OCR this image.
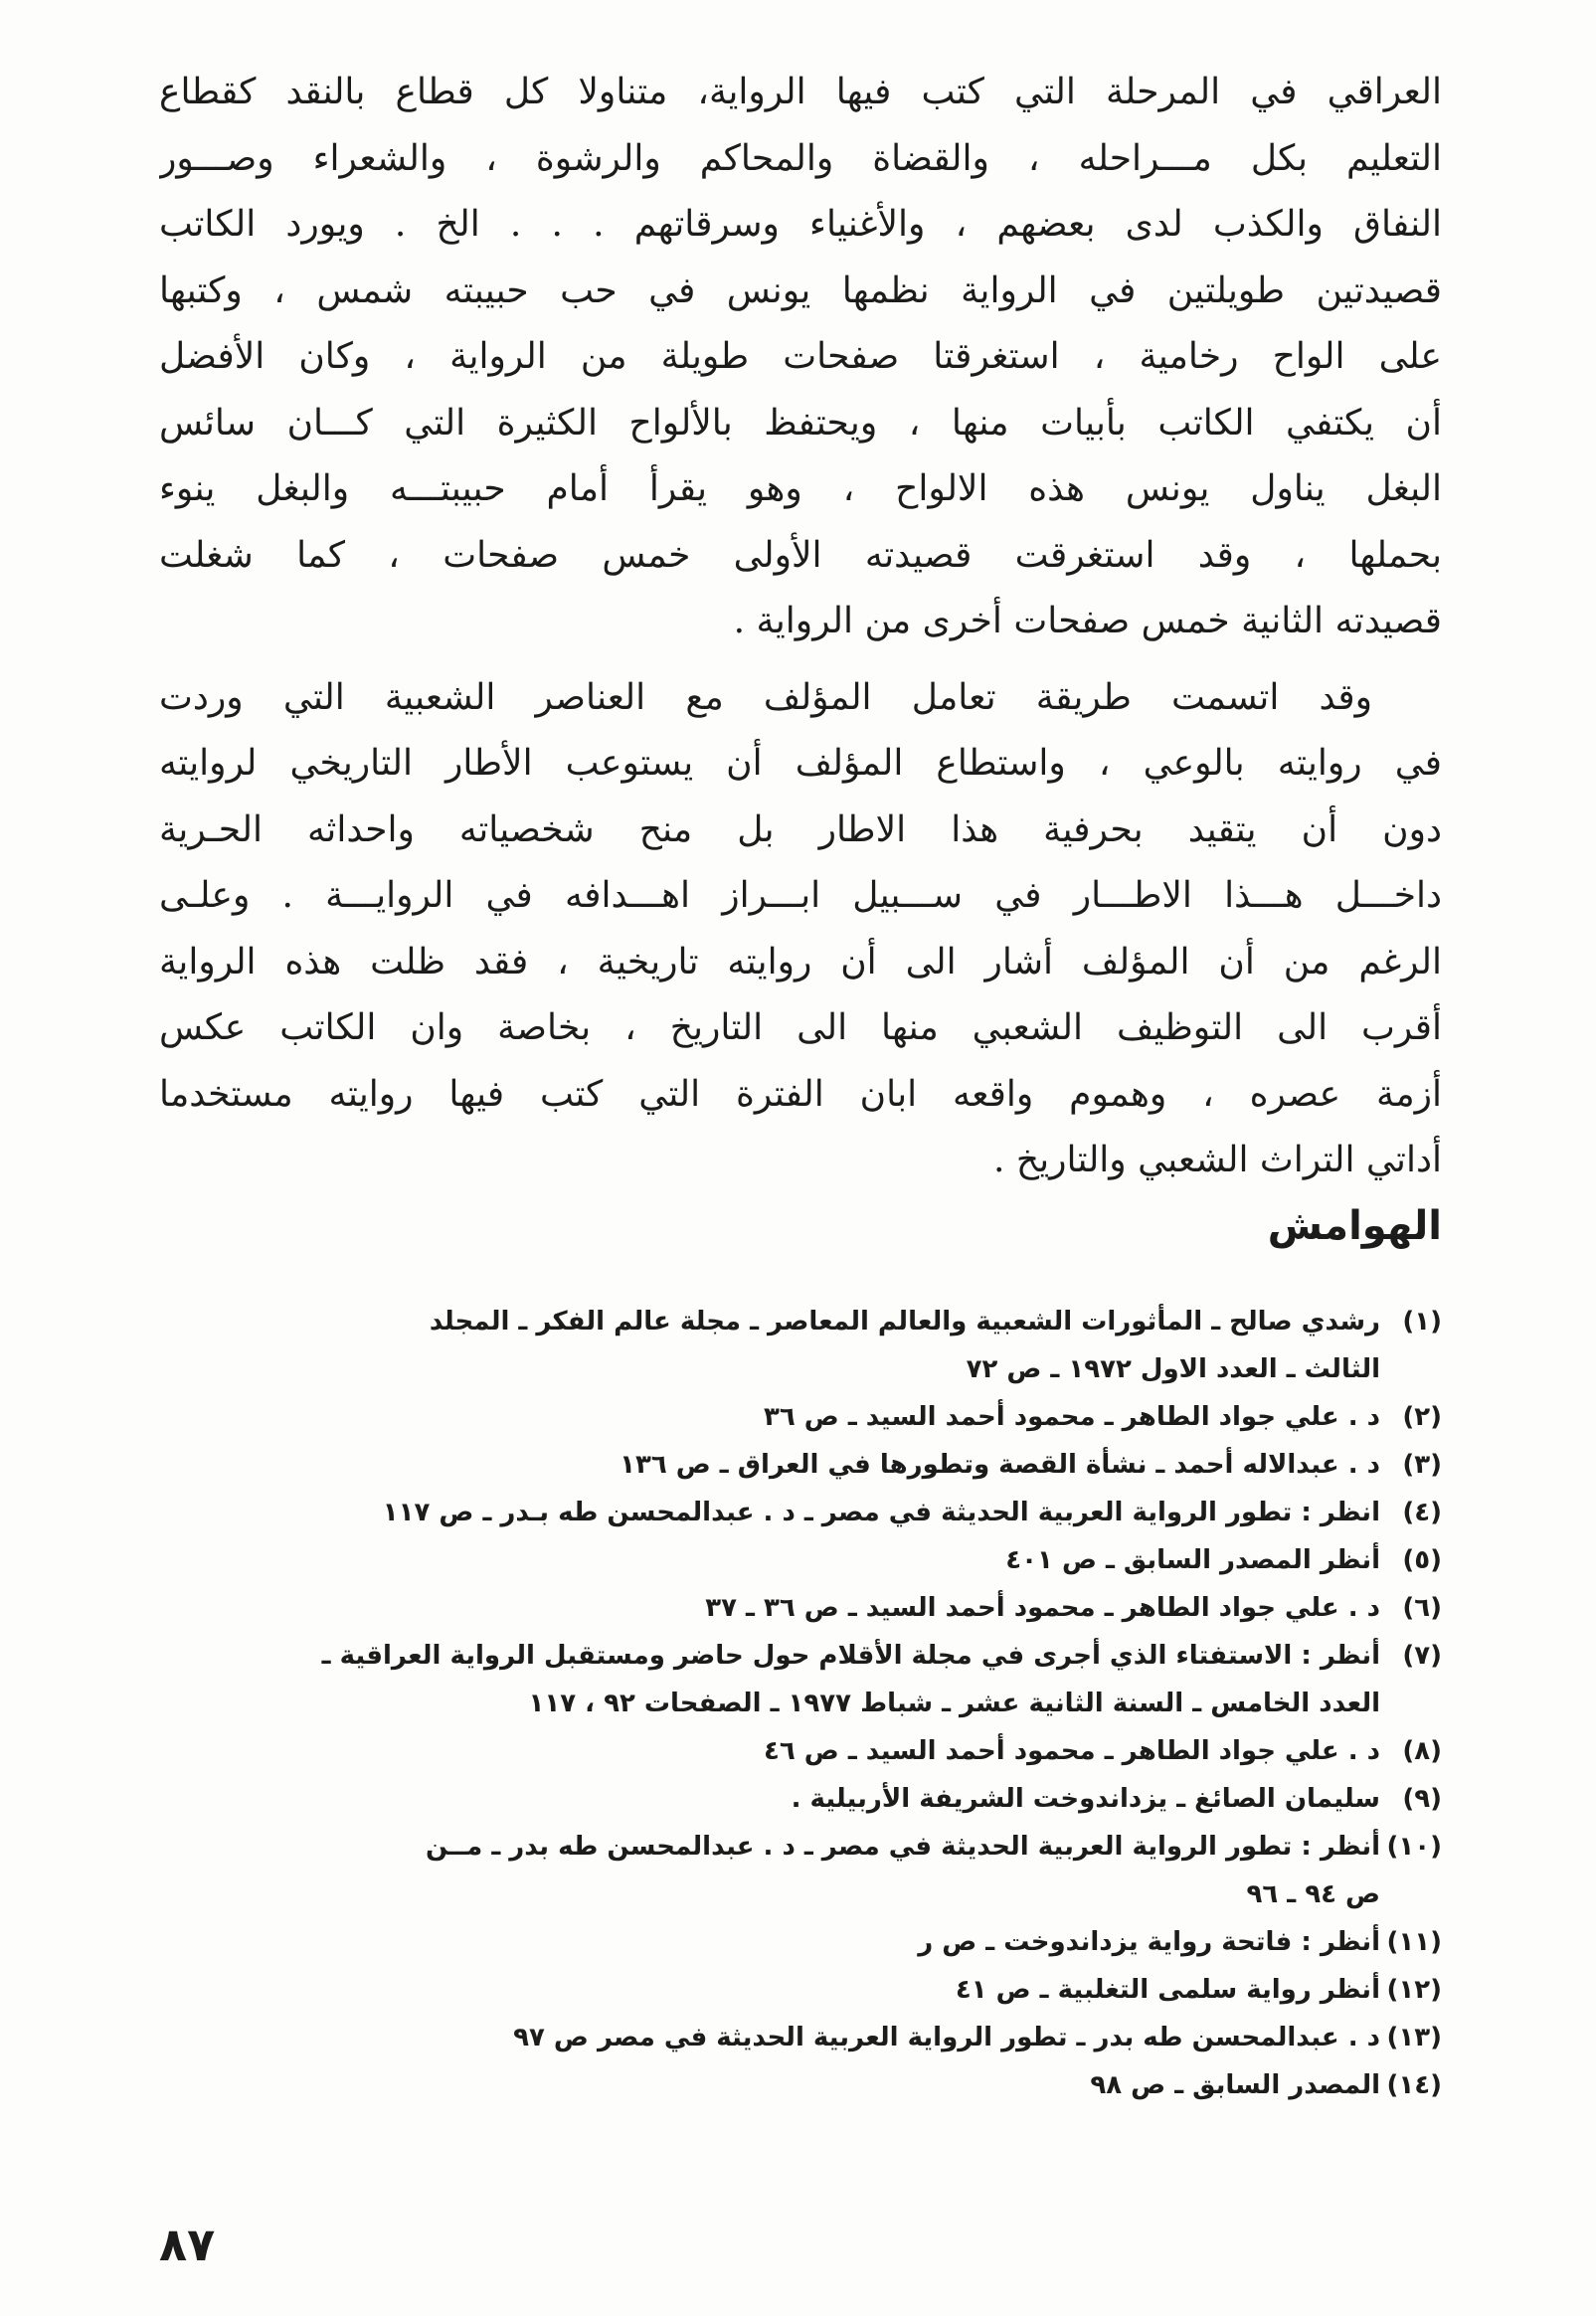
العراقي في المرحلة التي كتب فيها الرواية، متناولا كل قطاع بالنقد كقطاع
التعليم بكل مـــراحله ، والقضاة والمحاكم والرشوة ، والشعراء وصـــور
النفاق والكذب لدى بعضهم ، والأغنياء وسرقاتهم . . . الخ . ويورد الكاتب
قصيدتين طويلتين في الرواية نظمها يونس في حب حبيبته شمس ، وكتبها
على الواح رخامية ، استغرقتا صفحات طويلة من الرواية ، وكان الأفضل
أن يكتفي الكاتب بأبيات منها ، ويحتفظ بالألواح الكثيرة التي كـــان سائس
البغل يناول يونس هذه الالواح ، وهو يقرأ أمام حبيبتـــه والبغل ينوء
بحملها ، وقد استغرقت قصيدته الأولى خمس صفحات ، كما شغلت
قصيدته الثانية خمس صفحات أخرى من الرواية .
وقد اتسمت طريقة تعامل المؤلف مع العناصر الشعبية التي وردت
في روايته بالوعي ، واستطاع المؤلف أن يستوعب الأطار التاريخي لروايته
دون أن يتقيد بحرفية هذا الاطار بل منح شخصياته واحداثه الحـرية
داخـــل هـــذا الاطـــار في ســـبيل ابـــراز اهـــدافه في الروايـــة . وعلـى
الرغم من أن المؤلف أشار الى أن روايته تاريخية ، فقد ظلت هذه الرواية
أقرب الى التوظيف الشعبي منها الى التاريخ ، بخاصة وان الكاتب عكس
أزمة عصره ، وهموم واقعه ابان الفترة التي كتب فيها روايته مستخدما
أداتي التراث الشعبي والتاريخ .
الهوامش
(١)
رشدي صالح ـ المأثورات الشعبية والعالم المعاصر ـ مجلة عالم الفكر ـ المجلد
الثالث ـ العدد الاول ١٩٧٢ ـ ص ٧٢
(٢)
د . علي جواد الطاهر ـ محمود أحمد السيد ـ ص ٣٦
(٣)
د . عبدالاله أحمد ـ نشأة القصة وتطورها في العراق ـ ص ١٣٦
(٤)
انظر : تطور الرواية العربية الحديثة في مصر ـ د . عبدالمحسن طه بـدر ـ ص ١١٧
(٥)
أنظر المصدر السابق ـ ص ٤٠١
(٦)
د . علي جواد الطاهر ـ محمود أحمد السيد ـ ص ٣٦ ـ ٣٧
(٧)
أنظر : الاستفتاء الذي أجرى في مجلة الأقلام حول حاضر ومستقبل الرواية العراقية ـ
العدد الخامس ـ السنة الثانية عشر ـ شباط ١٩٧٧ ـ الصفحات ٩٢ ، ١١٧
(٨)
د . علي جواد الطاهر ـ محمود أحمد السيد ـ ص ٤٦
(٩)
سليمان الصائغ ـ يزداندوخت الشريفة الأربيلية .
(١٠)
أنظر : تطور الرواية العربية الحديثة في مصر ـ د . عبدالمحسن طه بدر ـ مــن
ص ٩٤ ـ ٩٦
(١١)
أنظر : فاتحة رواية يزداندوخت ـ ص ر
(١٢)
أنظر رواية سلمى التغلبية ـ ص ٤١
(١٣)
د . عبدالمحسن طه بدر ـ تطور الرواية العربية الحديثة في مصر ص ٩٧
(١٤)
المصدر السابق ـ ص ٩٨
٨٧
